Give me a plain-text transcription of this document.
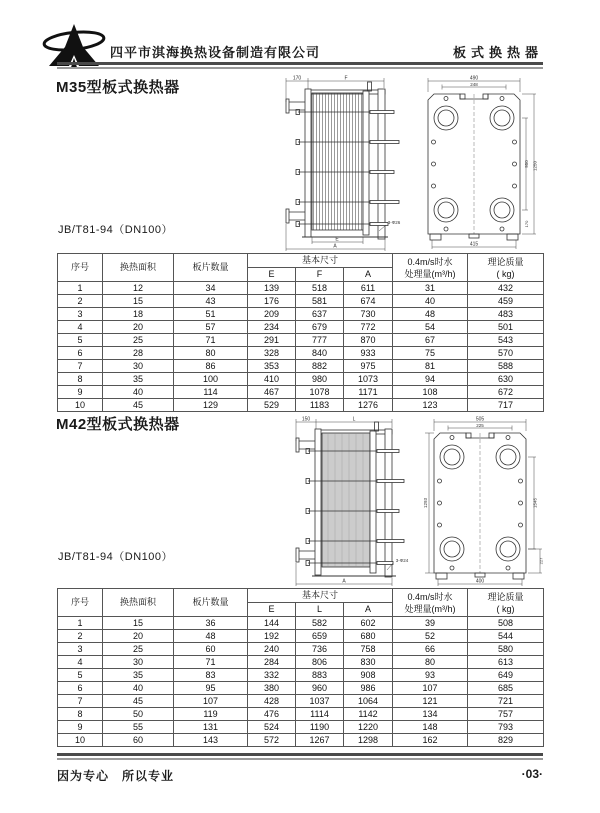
四平市淇海换热设备制造有限公司	板式换热器
M35型板式换热器
170	F
E
A
3-Φ26
490
248
950 1250
170
415
JB/T81-94（DN100）
序号	换热面积	板片数量	基本尺寸	0.4m/s时水
处理量(m³/h)

理论质量
( kg)

			E	F	A		
1	12	34	139	518	611	31	432
2	15	43	176	581	674	40	459
3	18	51	209	637	730	48	483
4	20	57	234	679	772	54	501
5	25	71	291	777	870	67	543
6	28	80	328	840	933	75	570
7	30	86	353	882	975	81	588
8	35	100	410	980	1073	94	630
9	40	114	467	1078	1171	108	672
10	45	129	529	1183	1276	123	717
M42型板式换热器	150	L
A
3-Φ24
505
225
1545
1293
227
400
JB/T81-94（DN100）
序号	换热面积	板片数量	基本尺寸	0.4m/s时水
处理量(m³/h)

理论质量
( kg)

			E	L	A		
1	15	36	144	582	602	39	508
2	20	48	192	659	680	52	544
3	25	60	240	736	758	66	580
4	30	71	284	806	830	80	613
5	35	83	332	883	908	93	649
6	40	95	380	960	986	107	685
7	45	107	428	1037	1064	121	721
8	50	119	476	1114	1142	134	757
9	55	131	524	1190	1220	148	793
10	60	143	572	1267	1298	162	829
因为专心　所以专业	·03·
